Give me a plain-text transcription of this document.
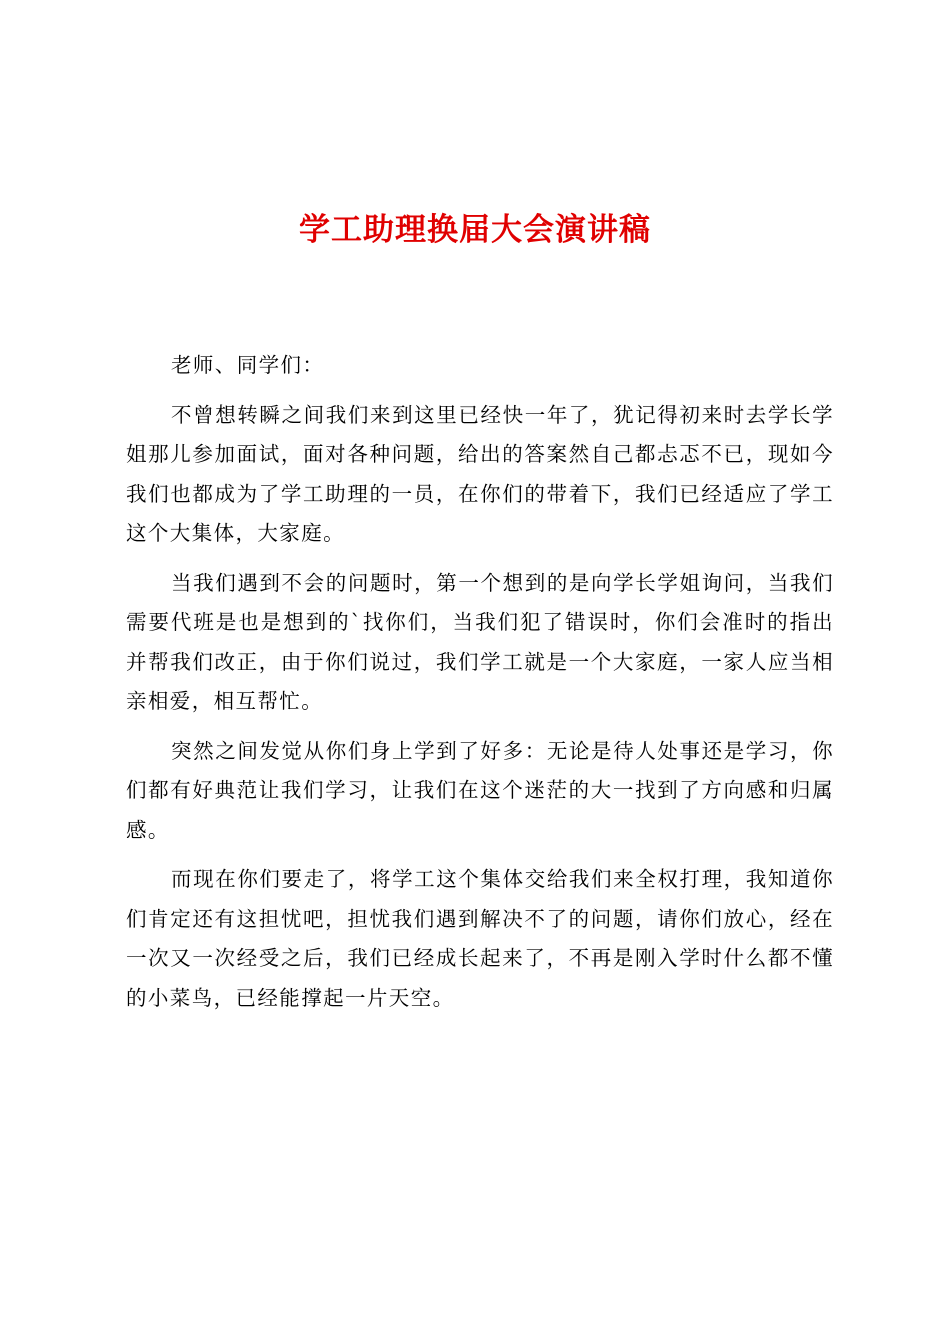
学工助理换届大会演讲稿

老师、同学们：

不曾想转瞬之间我们来到这里已经快一年了，犹记得初来时去学长学姐那儿参加面试，面对各种问题，给出的答案然自己都忐忑不已，现如今我们也都成为了学工助理的一员，在你们的带着下，我们已经适应了学工这个大集体，大家庭。

当我们遇到不会的问题时，第一个想到的是向学长学姐询问，当我们需要代班是也是想到的`找你们，当我们犯了错误时，你们会准时的指出并帮我们改正，由于你们说过，我们学工就是一个大家庭，一家人应当相亲相爱，相互帮忙。

突然之间发觉从你们身上学到了好多：无论是待人处事还是学习，你们都有好典范让我们学习，让我们在这个迷茫的大一找到了方向感和归属感。

而现在你们要走了，将学工这个集体交给我们来全权打理，我知道你们肯定还有这担忧吧，担忧我们遇到解决不了的问题，请你们放心，经在一次又一次经受之后，我们已经成长起来了，不再是刚入学时什么都不懂的小菜鸟，已经能撑起一片天空。
